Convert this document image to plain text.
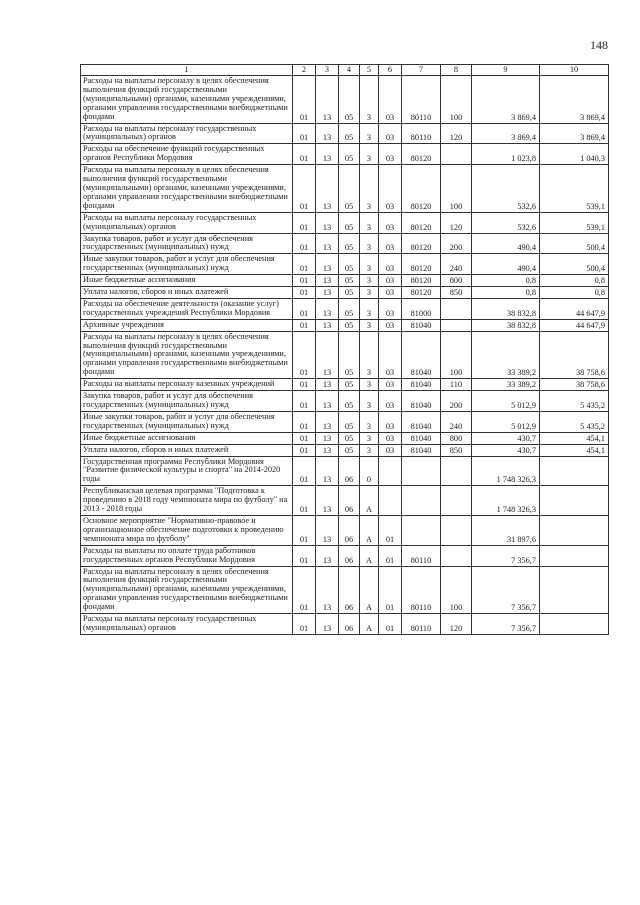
148
1	2	3	4	5	6	7	8	9	10
Расходы на выплаты персоналу в целях обеспечения выполнения функций государственными (муниципальными) органами, казенными учреждениями, органами управления государственными внебюджетными фондами	01	13	05	3	03	80110	100	3 869,4	3 869,4
Расходы на выплаты персоналу государственных (муниципальных) органов	01	13	05	3	03	80110	120	3 869,4	3 869,4
Расходы на обеспечение функций государственных органов Республики Мордовия	01	13	05	3	03	80120		1 023,8	1 040,3
Расходы на выплаты персоналу в целях обеспечения выполнения функций государственными (муниципальными) органами, казенными учреждениями, органами управления государственными внебюджетными фондами	01	13	05	3	03	80120	100	532,6	539,1
Расходы на выплаты персоналу государственных (муниципальных) органов	01	13	05	3	03	80120	120	532,6	539,1
Закупка товаров, работ и услуг для обеспечения государственных (муниципальных) нужд	01	13	05	3	03	80120	200	490,4	500,4
Иные закупки товаров, работ и услуг для обеспечения государственных (муниципальных) нужд	01	13	05	3	03	80120	240	490,4	500,4
Иные бюджетные ассигнования	01	13	05	3	03	80120	800	0,8	0,8
Уплата налогов, сборов и иных платежей	01	13	05	3	03	80120	850	0,8	0,8
Расходы на обеспечение деятельности (оказание услуг) государственных учреждений Республики Мордовия	01	13	05	3	03	81000		38 832,8	44 647,9
Архивные учреждения	01	13	05	3	03	81040		38 832,8	44 647,9
Расходы на выплаты персоналу в целях обеспечения выполнения функций государственными (муниципальными) органами, казенными учреждениями, органами управления государственными внебюджетными фондами	01	13	05	3	03	81040	100	33 389,2	38 758,6
Расходы на выплаты персоналу казенных учреждений	01	13	05	3	03	81040	110	33 389,2	38 758,6
Закупка товаров, работ и услуг для обеспечения государственных (муниципальных) нужд	01	13	05	3	03	81040	200	5 012,9	5 435,2
Иные закупки товаров, работ и услуг для обеспечения государственных (муниципальных) нужд	01	13	05	3	03	81040	240	5 012,9	5 435,2
Иные бюджетные ассигнования	01	13	05	3	03	81040	800	430,7	454,1
Уплата налогов, сборов и иных платежей	01	13	05	3	03	81040	850	430,7	454,1
Государственная программа Республики Мордовия "Развитие физической культуры и спорта" на 2014-2020 годы	01	13	06	0				1 748 326,3	
Республиканская целевая программа "Подготовка к проведению в 2018 году чемпионата мира по футболу" на 2013 - 2018 годы	01	13	06	А				1 748 326,3	
Основное мероприятие "Нормативно-правовое и организационное обеспечение подготовки к проведению чемпионата мира по футболу"	01	13	06	А	01			31 897,6	
Расходы на выплаты по оплате труда работников государственных органов Республики Мордовия	01	13	06	А	01	80110		7 356,7	
Расходы на выплаты персоналу в целях обеспечения выполнения функций государственными (муниципальными) органами, казенными учреждениями, органами управления государственными внебюджетными фондами	01	13	06	А	01	80110	100	7 356,7	
Расходы на выплаты персоналу государственных (муниципальных) органов	01	13	06	А	01	80110	120	7 356,7	
